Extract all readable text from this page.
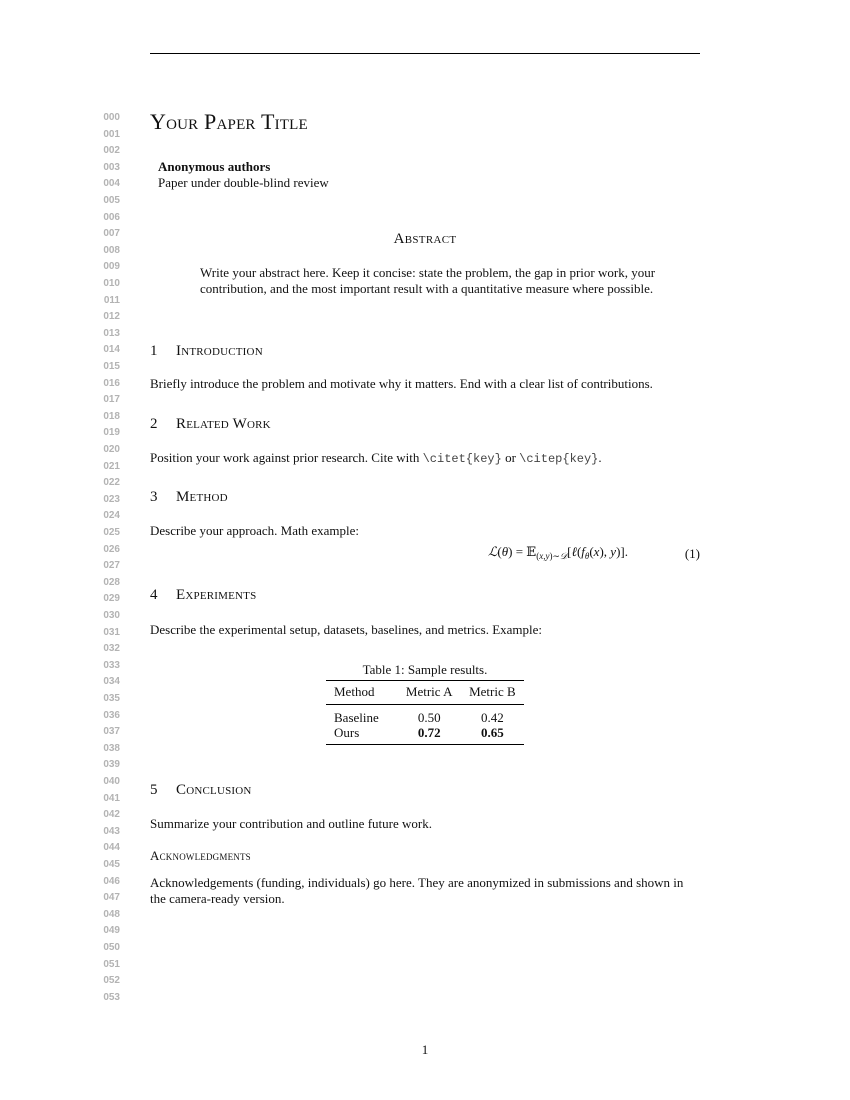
000
001
002
003
004
005
006
007
008
009
010
011
012
013
014
015
016
017
018
019
020
021
022
023
024
025
026
027
028
029
030
031
032
033
034
035
036
037
038
039
040
041
042
043
044
045
046
047
048
049
050
051
052
053
Your Paper Title
Anonymous authors
Paper under double-blind review
Abstract
Write your abstract here. Keep it concise: state the problem, the gap in prior work, your contribution, and the most important result with a quantitative measure where possible.
1 Introduction
Briefly introduce the problem and motivate why it matters. End with a clear list of contributions.
2 Related Work
Position your work against prior research. Cite with \citet{key} or \citep{key}.
3 Method
Describe your approach. Math example:
ℒ(θ) = $𝔼_{(x,y)\sim 𝒟}[\ell(f_\theta(x)$, y)].	(1)
4 Experiments
Describe the experimental setup, datasets, baselines, and metrics. Example:
Table 1: Sample results.
Method	Metric A	Metric B
Baseline	0.50	0.42
Ours	0.72	0.65
5 Conclusion
Summarize your contribution and outline future work.
Acknowledgments
Acknowledgements (funding, individuals) go here. They are anonymized in submissions and shown in the camera-ready version.
1
